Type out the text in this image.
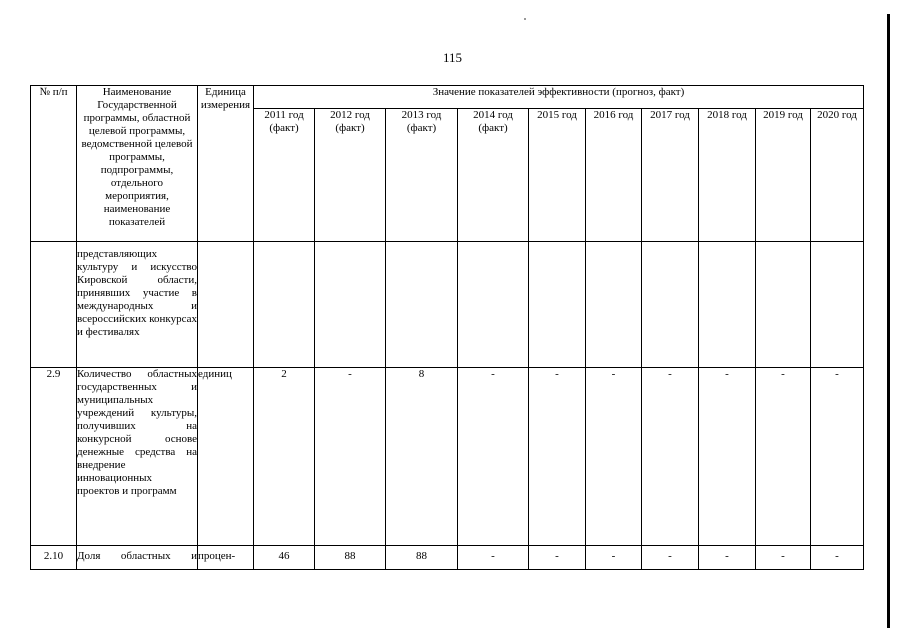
115
№ п/п	Наименование Государственной программы, областной целевой программы, ведомственной целевой программы, подпрограммы, отдельного мероприятия, наименование показателей	Единица измерения	Значение показателей эффективности (прогноз, факт)									
			2011 год (факт)	2012 год (факт)	2013 год (факт)	2014 год (факт)	2015 год	2016 год	2017 год	2018 год	2019 год	2020 год
	представляющих культуру и искусство Кировской области, принявших участие в международных и всероссийских конкурсах и фестивалях											
2.9	Количество областных государственных и муниципальных учреждений культуры, получивших на конкурсной основе денежные средства на внедрение инновационных проектов и программ	единиц	2	-	8	-	-	-	-	-	-	-
2.10	Доля областных и	процен-	46	88	88	-	-	-	-	-	-	-
